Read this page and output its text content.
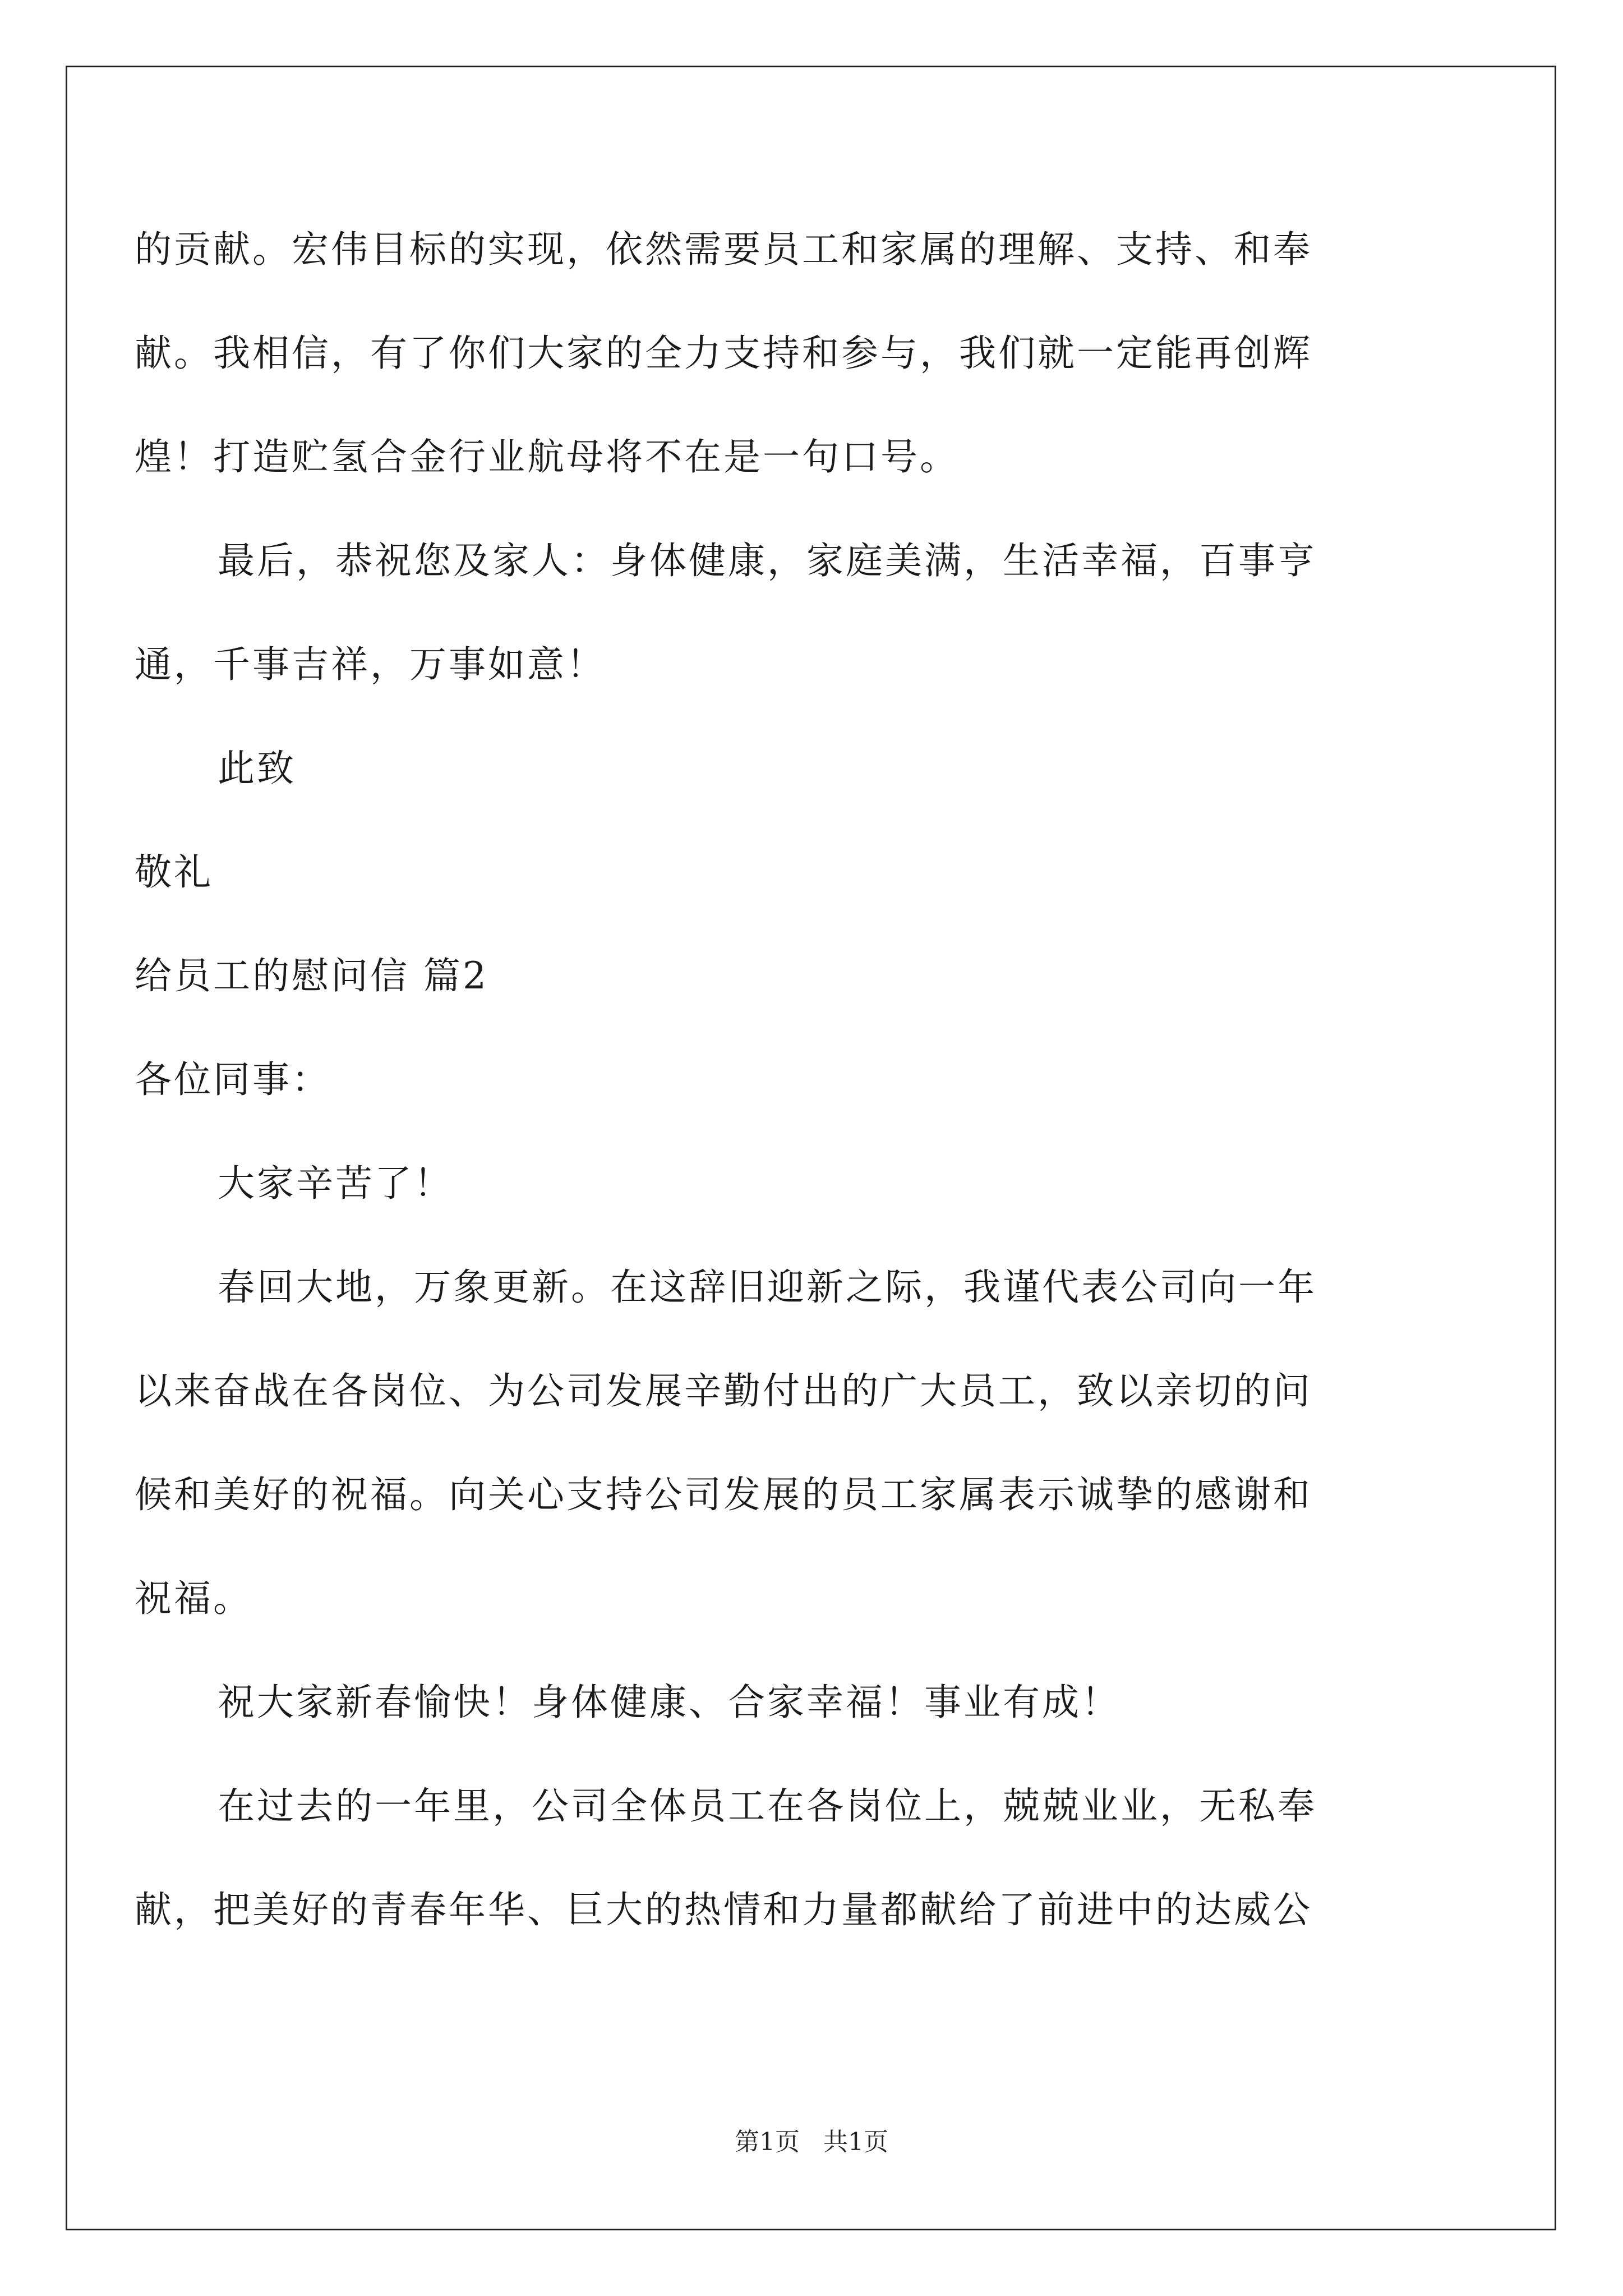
的贡献。宏伟目标的实现，依然需要员工和家属的理解、支持、和奉
献。我相信，有了你们大家的全力支持和参与，我们就一定能再创辉
煌！打造贮氢合金行业航母将不在是一句口号。
最后，恭祝您及家人：身体健康，家庭美满，生活幸福，百事亨
通，千事吉祥，万事如意！
此致
敬礼
给员工的慰问信 篇2
各位同事：
大家辛苦了！
春回大地，万象更新。在这辞旧迎新之际，我谨代表公司向一年
以来奋战在各岗位、为公司发展辛勤付出的广大员工，致以亲切的问
候和美好的祝福。向关心支持公司发展的员工家属表示诚挚的感谢和
祝福。
祝大家新春愉快！身体健康、合家幸福！事业有成！
在过去的一年里，公司全体员工在各岗位上，兢兢业业，无私奉
献，把美好的青春年华、巨大的热情和力量都献给了前进中的达威公
第1页   共1页
